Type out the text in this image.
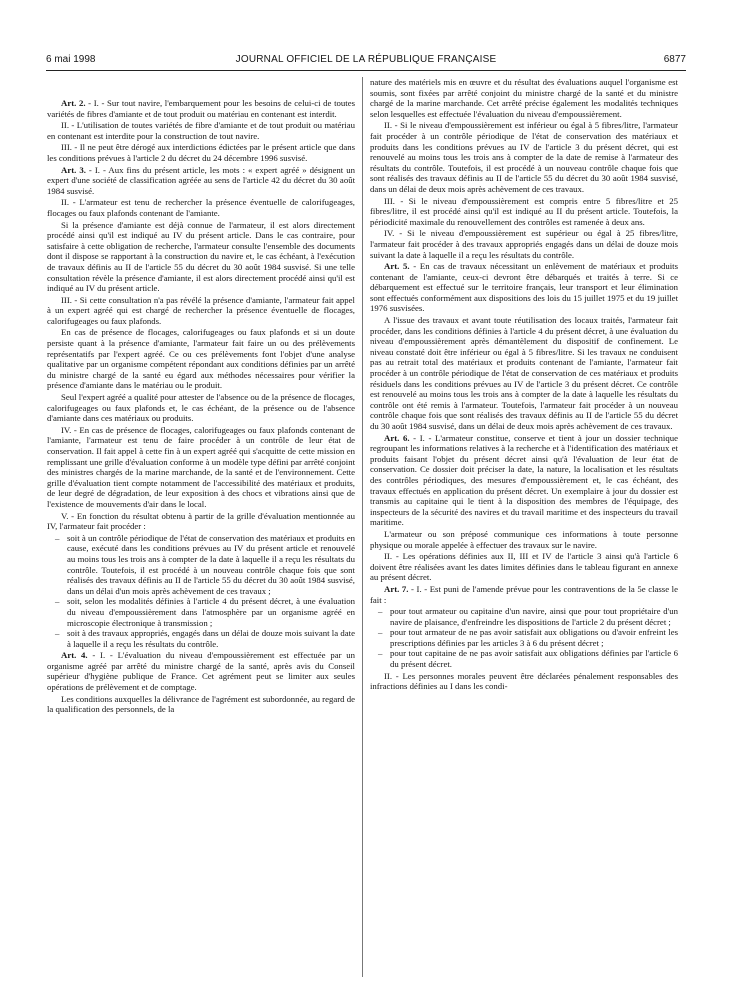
6 mai 1998	JOURNAL OFFICIEL DE LA RÉPUBLIQUE FRANÇAISE	6877

Art. 2. - I. - Sur tout navire, l'embarquement pour les besoins de celui-ci de toutes variétés de fibres d'amiante et de tout produit ou matériau en contenant est interdit.

II. - L'utilisation de toutes variétés de fibre d'amiante et de tout produit ou matériau en contenant est interdite pour la construction de tout navire.

III. - Il ne peut être dérogé aux interdictions édictées par le présent article que dans les conditions prévues à l'article 2 du décret du 24 décembre 1996 susvisé.

Art. 3. - I. - Aux fins du présent article, les mots : « expert agréé » désignent un expert d'une société de classification agréée au sens de l'article 42 du décret du 30 août 1984 susvisé.

II. - L'armateur est tenu de rechercher la présence éventuelle de calorifugeages, flocages ou faux plafonds contenant de l'amiante.

Si la présence d'amiante est déjà connue de l'armateur, il est alors directement procédé ainsi qu'il est indiqué au IV du présent article. Dans le cas contraire, pour satisfaire à cette obligation de recherche, l'armateur consulte l'ensemble des documents dont il dispose se rapportant à la construction du navire et, le cas échéant, à l'exécution de travaux définis au II de l'article 55 du décret du 30 août 1984 susvisé. Si une telle consultation révèle la présence d'amiante, il est alors directement procédé ainsi qu'il est indiqué au IV du présent article.

III. - Si cette consultation n'a pas révélé la présence d'amiante, l'armateur fait appel à un expert agréé qui est chargé de rechercher la présence éventuelle de flocages, calorifugeages ou faux plafonds.

En cas de présence de flocages, calorifugeages ou faux plafonds et si un doute persiste quant à la présence d'amiante, l'armateur fait faire un ou des prélèvements représentatifs par l'expert agréé. Ce ou ces prélèvements font l'objet d'une analyse qualitative par un organisme compétent répondant aux conditions définies par un arrêté du ministre chargé de la santé eu égard aux méthodes nécessaires pour vérifier la présence d'amiante dans le matériau ou le produit.

Seul l'expert agréé a qualité pour attester de l'absence ou de la présence de flocages, calorifugeages ou faux plafonds et, le cas échéant, de la présence ou de l'absence d'amiante dans ces matériaux ou produits.

IV. - En cas de présence de flocages, calorifugeages ou faux plafonds contenant de l'amiante, l'armateur est tenu de faire procéder à un contrôle de leur état de conservation. Il fait appel à cette fin à un expert agréé qui s'acquitte de cette mission en remplissant une grille d'évaluation conforme à un modèle type défini par arrêté conjoint des ministres chargés de la marine marchande, de la santé et de l'environnement. Cette grille d'évaluation tient compte notamment de l'accessibilité des matériaux et produits, de leur degré de dégradation, de leur exposition à des chocs et vibrations ainsi que de l'existence de mouvements d'air dans le local.

V. - En fonction du résultat obtenu à partir de la grille d'évaluation mentionnée au IV, l'armateur fait procéder :

– soit à un contrôle périodique de l'état de conservation des matériaux et produits en cause, exécuté dans les conditions prévues au IV du présent article et renouvelé au moins tous les trois ans à compter de la date à laquelle il a reçu les résultats du contrôle. Toutefois, il est procédé à un nouveau contrôle chaque fois que sont réalisés des travaux définis au II de l'article 55 du décret du 30 août 1984 susvisé, dans un délai d'un mois après achèvement de ces travaux ;
– soit, selon les modalités définies à l'article 4 du présent décret, à une évaluation du niveau d'empoussièrement dans l'atmosphère par un organisme agréé en microscopie électronique à transmission ;
– soit à des travaux appropriés, engagés dans un délai de douze mois suivant la date à laquelle il a reçu les résultats du contrôle.

Art. 4. - I. - L'évaluation du niveau d'empoussièrement est effectuée par un organisme agréé par arrêté du ministre chargé de la santé, après avis du Conseil supérieur d'hygiène publique de France. Cet agrément peut se limiter aux seules opérations de prélèvement et de comptage.

Les conditions auxquelles la délivrance de l'agrément est subordonnée, au regard de la qualification des personnels, de la

nature des matériels mis en œuvre et du résultat des évaluations auquel l'organisme est soumis, sont fixées par arrêté conjoint du ministre chargé de la santé et du ministre chargé de la marine marchande. Cet arrêté précise également les modalités techniques selon lesquelles est effectuée l'évaluation du niveau d'empoussièrement.

II. - Si le niveau d'empoussièrement est inférieur ou égal à 5 fibres/litre, l'armateur fait procéder à un contrôle périodique de l'état de conservation des matériaux et produits dans les conditions prévues au IV de l'article 3 du présent décret, qui est renouvelé au moins tous les trois ans à compter de la date de remise à l'armateur des résultats du contrôle. Toutefois, il est procédé à un nouveau contrôle chaque fois que sont réalisés des travaux définis au II de l'article 55 du décret du 30 août 1984 susvisé, dans un délai de deux mois après achèvement de ces travaux.

III. - Si le niveau d'empoussièrement est compris entre 5 fibres/litre et 25 fibres/litre, il est procédé ainsi qu'il est indiqué au II du présent article. Toutefois, la périodicité maximale du renouvellement des contrôles est ramenée à deux ans.

IV. - Si le niveau d'empoussièrement est supérieur ou égal à 25 fibres/litre, l'armateur fait procéder à des travaux appropriés engagés dans un délai de douze mois suivant la date à laquelle il a reçu les résultats du contrôle.

Art. 5. - En cas de travaux nécessitant un enlèvement de matériaux et produits contenant de l'amiante, ceux-ci devront être débarqués et traités à terre. Si ce débarquement est effectué sur le territoire français, leur transport et leur élimination sont effectués conformément aux dispositions des lois du 15 juillet 1975 et du 19 juillet 1976 susvisées.

A l'issue des travaux et avant toute réutilisation des locaux traités, l'armateur fait procéder, dans les conditions définies à l'article 4 du présent décret, à une évaluation du niveau d'empoussièrement après démantèlement du dispositif de confinement. Le niveau constaté doit être inférieur ou égal à 5 fibres/litre. Si les travaux ne conduisent pas au retrait total des matériaux et produits contenant de l'amiante, l'armateur fait procéder à un contrôle périodique de l'état de conservation de ces matériaux et produits résiduels dans les conditions prévues au IV de l'article 3 du présent décret. Ce contrôle est renouvelé au moins tous les trois ans à compter de la date à laquelle les résultats du contrôle ont été remis à l'armateur. Toutefois, l'armateur fait procéder à un nouveau contrôle chaque fois que sont réalisés des travaux définis au II de l'article 55 du décret du 30 août 1984 susvisé, dans un délai de deux mois après achèvement de ces travaux.

Art. 6. - I. - L'armateur constitue, conserve et tient à jour un dossier technique regroupant les informations relatives à la recherche et à l'identification des matériaux et produits faisant l'objet du présent décret ainsi qu'à l'évaluation de leur état de conservation. Ce dossier doit préciser la date, la nature, la localisation et les résultats des contrôles périodiques, des mesures d'empoussièrement et, le cas échéant, des travaux effectués en application du présent décret. Un exemplaire à jour du dossier est transmis au capitaine qui le tient à la disposition des membres de l'équipage, des inspecteurs de la sécurité des navires et du travail maritime et des inspecteurs du travail maritime.

L'armateur ou son préposé communique ces informations à toute personne physique ou morale appelée à effectuer des travaux sur le navire.

II. - Les opérations définies aux II, III et IV de l'article 3 ainsi qu'à l'article 6 doivent être réalisées avant les dates limites définies dans le tableau figurant en annexe au présent décret.

Art. 7. - I. - Est puni de l'amende prévue pour les contraventions de la 5e classe le fait :

– pour tout armateur ou capitaine d'un navire, ainsi que pour tout propriétaire d'un navire de plaisance, d'enfreindre les dispositions de l'article 2 du présent décret ;
– pour tout armateur de ne pas avoir satisfait aux obligations ou d'avoir enfreint les prescriptions définies par les articles 3 à 6 du présent décret ;
– pour tout capitaine de ne pas avoir satisfait aux obligations définies par l'article 6 du présent décret.

II. - Les personnes morales peuvent être déclarées pénalement responsables des infractions définies au I dans les condi-
